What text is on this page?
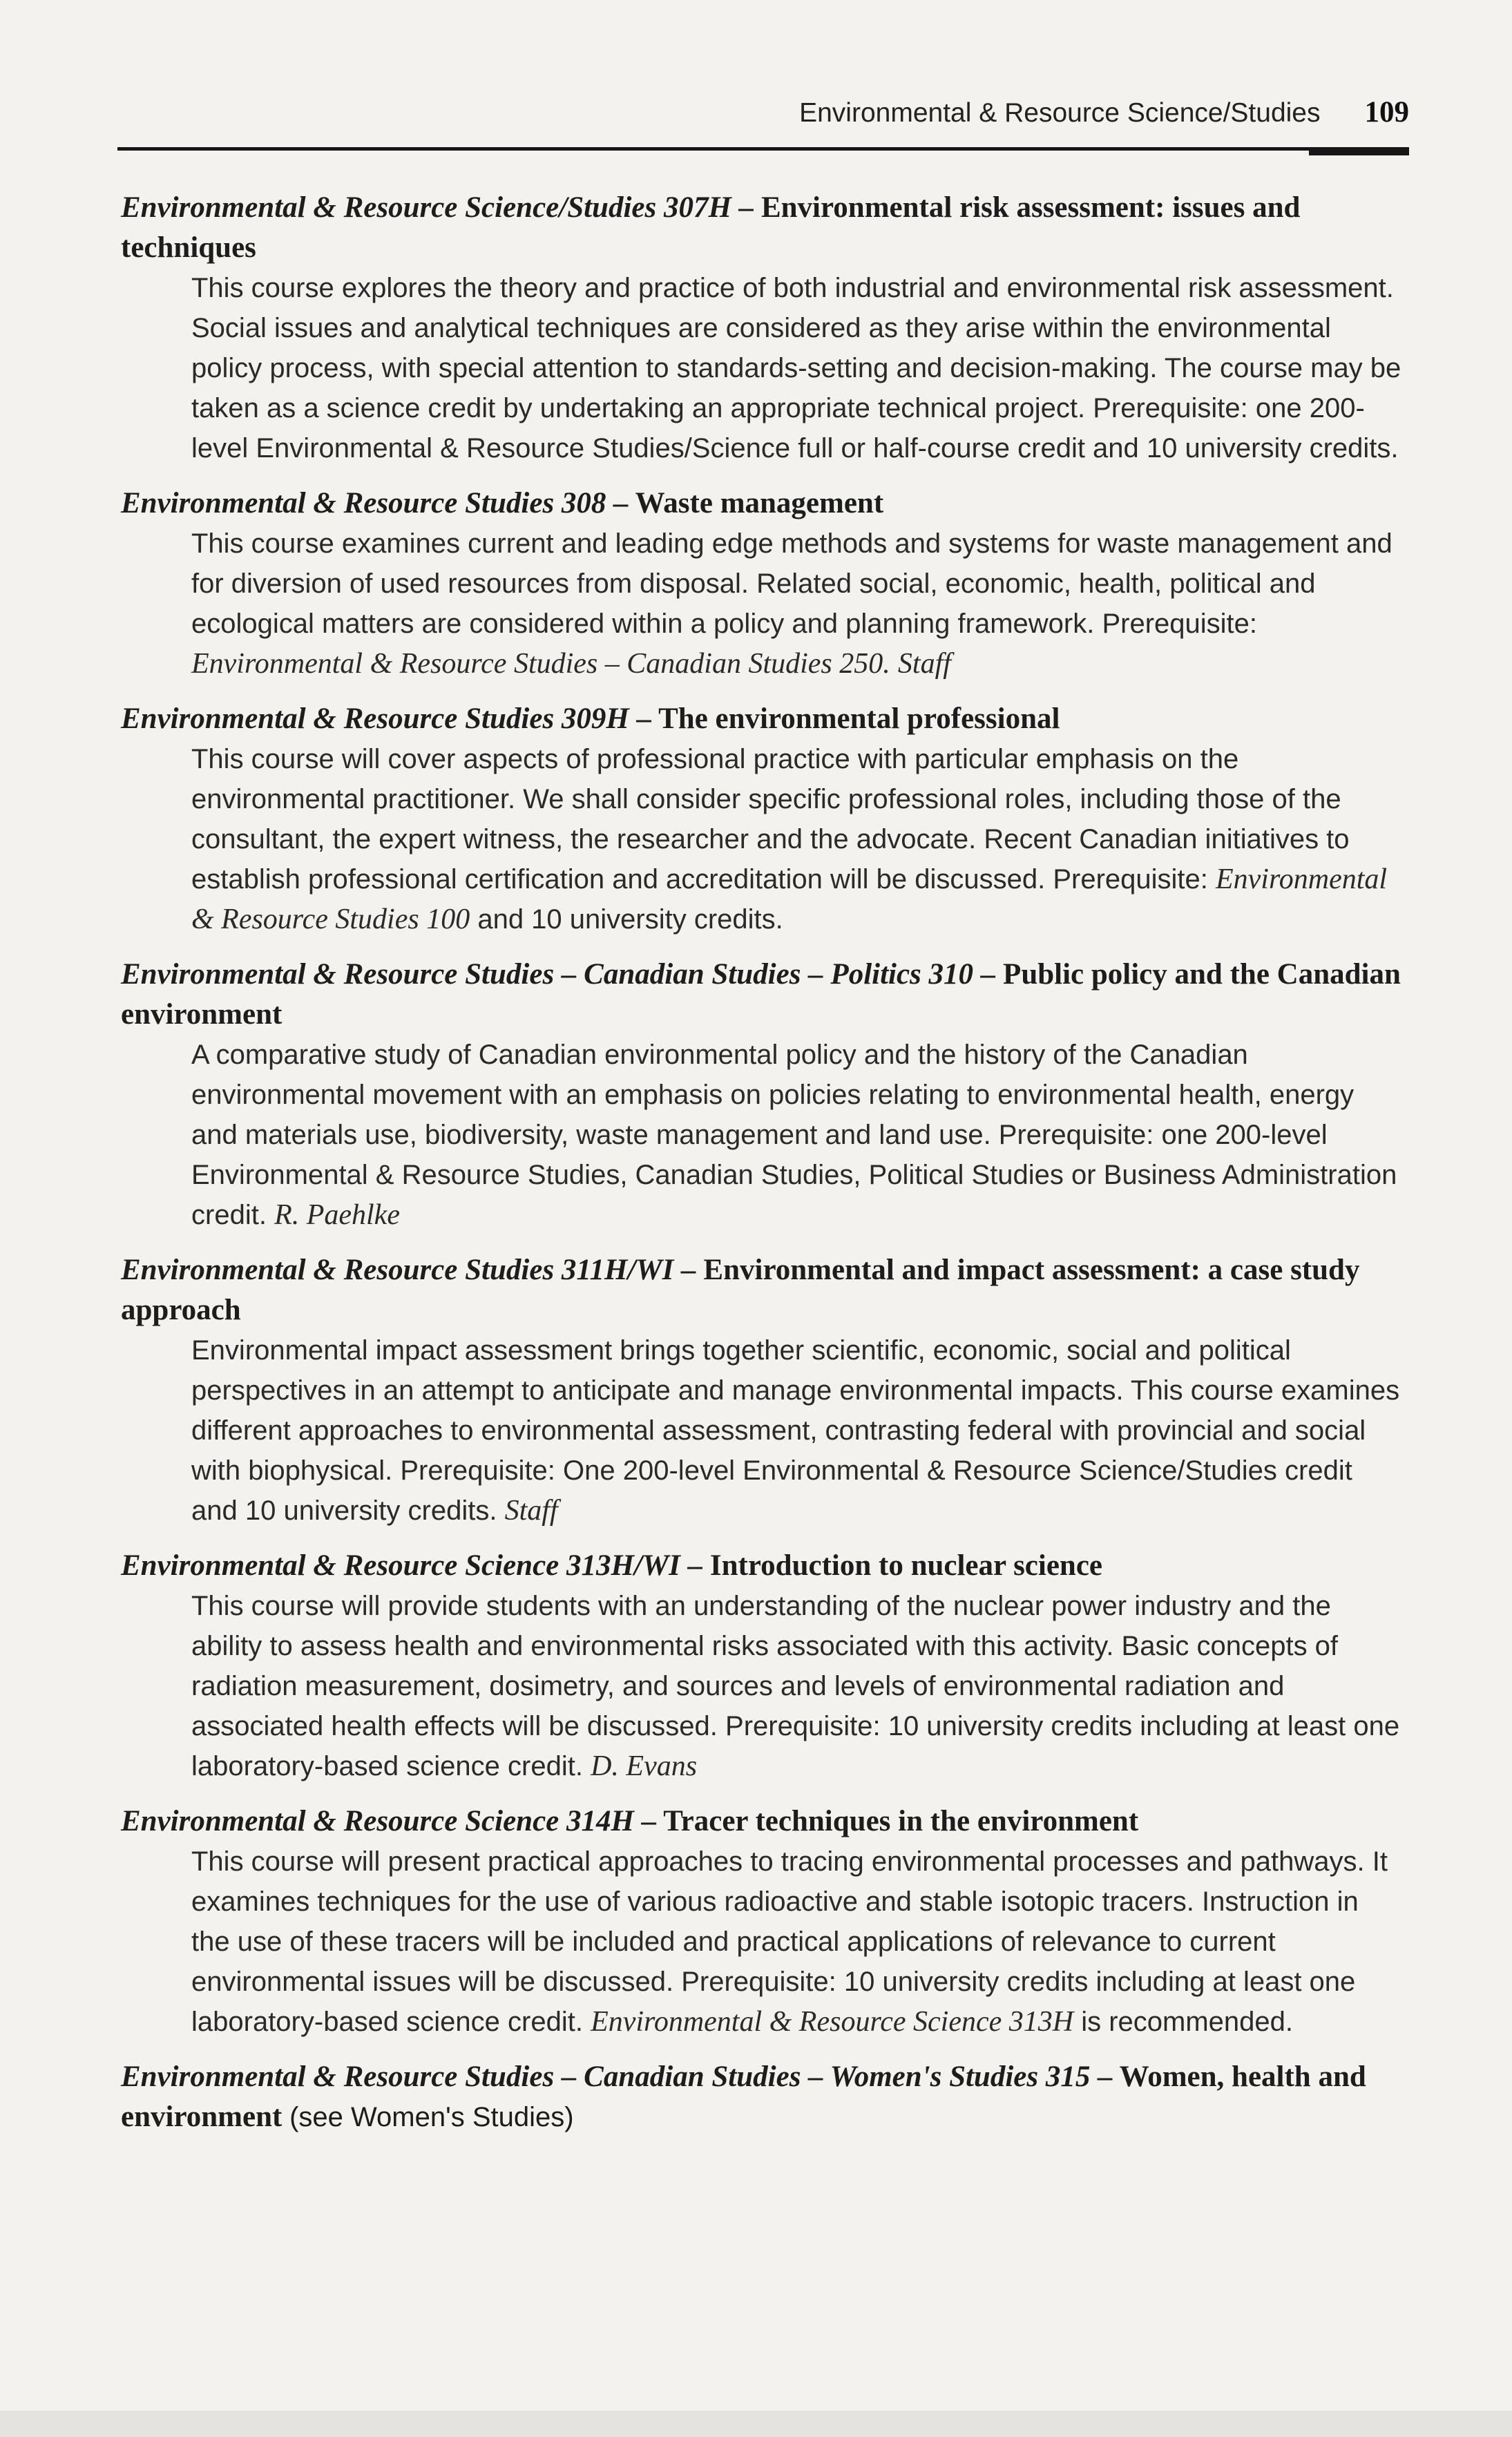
Environmental & Resource Science/Studies 109

Environmental & Resource Science/Studies 307H – Environmental risk assessment: issues and techniques

This course explores the theory and practice of both industrial and environmental risk assessment. Social issues and analytical techniques are considered as they arise within the environmental policy process, with special attention to standards-setting and decision-making. The course may be taken as a science credit by undertaking an appropriate technical project. Prerequisite: one 200-level Environmental & Resource Studies/Science full or half-course credit and 10 university credits.

Environmental & Resource Studies 308 – Waste management

This course examines current and leading edge methods and systems for waste management and for diversion of used resources from disposal. Related social, economic, health, political and ecological matters are considered within a policy and planning framework. Prerequisite: Environmental & Resource Studies – Canadian Studies 250. Staff

Environmental & Resource Studies 309H – The environmental professional

This course will cover aspects of professional practice with particular emphasis on the environmental practitioner. We shall consider specific professional roles, including those of the consultant, the expert witness, the researcher and the advocate. Recent Canadian initiatives to establish professional certification and accreditation will be discussed. Prerequisite: Environmental & Resource Studies 100 and 10 university credits.

Environmental & Resource Studies – Canadian Studies – Politics 310 – Public policy and the Canadian environment

A comparative study of Canadian environmental policy and the history of the Canadian environmental movement with an emphasis on policies relating to environmental health, energy and materials use, biodiversity, waste management and land use. Prerequisite: one 200-level Environmental & Resource Studies, Canadian Studies, Political Studies or Business Administration credit. R. Paehlke

Environmental & Resource Studies 311H/WI – Environmental and impact assessment: a case study approach

Environmental impact assessment brings together scientific, economic, social and political perspectives in an attempt to anticipate and manage environmental impacts. This course examines different approaches to environmental assessment, contrasting federal with provincial and social with biophysical. Prerequisite: One 200-level Environmental & Resource Science/Studies credit and 10 university credits. Staff

Environmental & Resource Science 313H/WI – Introduction to nuclear science

This course will provide students with an understanding of the nuclear power industry and the ability to assess health and environmental risks associated with this activity. Basic concepts of radiation measurement, dosimetry, and sources and levels of environmental radiation and associated health effects will be discussed. Prerequisite: 10 university credits including at least one laboratory-based science credit. D. Evans

Environmental & Resource Science 314H – Tracer techniques in the environment

This course will present practical approaches to tracing environmental processes and pathways. It examines techniques for the use of various radioactive and stable isotopic tracers. Instruction in the use of these tracers will be included and practical applications of relevance to current environmental issues will be discussed. Prerequisite: 10 university credits including at least one laboratory-based science credit. Environmental & Resource Science 313H is recommended.

Environmental & Resource Studies – Canadian Studies – Women's Studies 315 – Women, health and environment (see Women's Studies)
